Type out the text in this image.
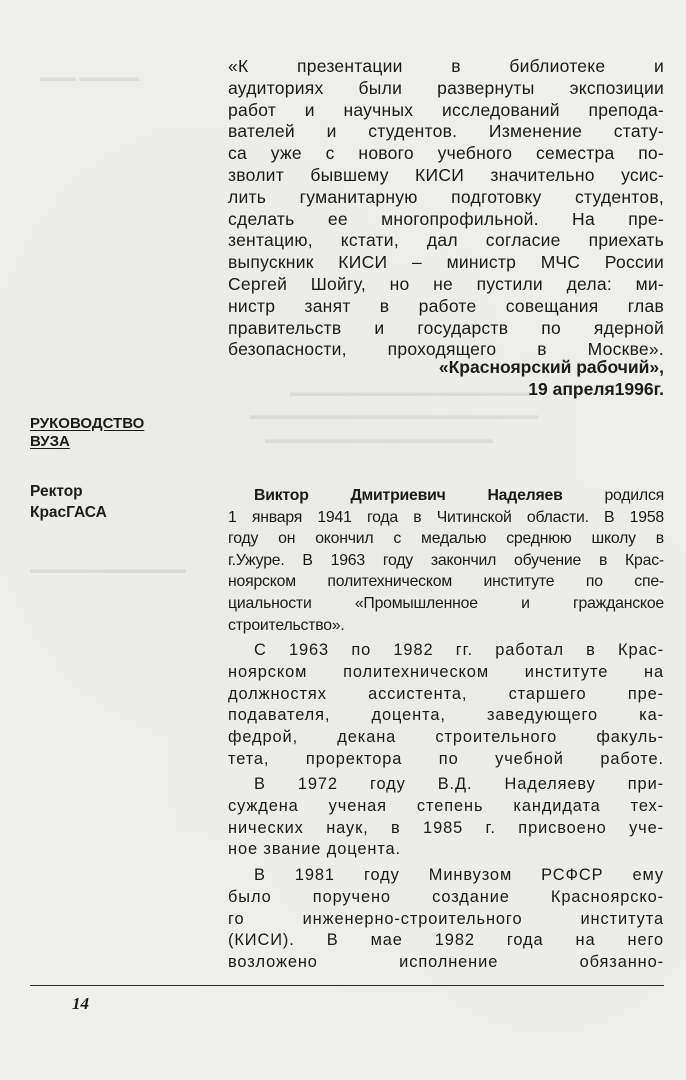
▬▬▬ ▬▬▬▬▬
▬▬▬▬▬▬▬▬▬▬▬▬▬▬▬▬▬▬▬▬
▬▬▬▬▬▬▬▬▬▬▬▬▬▬▬▬▬▬▬▬▬▬▬▬
▬▬▬▬▬▬▬▬▬▬▬▬▬▬▬▬▬▬▬
▬▬▬▬▬▬▬▬▬▬▬▬▬
«К презентации в библиотеке и
аудиториях были развернуты экспозиции
работ и научных исследований препода-
вателей и студентов. Изменение стату-
са уже с нового учебного семестра по-
зволит бывшему КИСИ значительно усиc-
лить гуманитарную подготовку студентов,
сделать ее многопрофильной. На пре-
зентацию, кстати, дал согласие приехать
выпускник КИСИ – министр МЧС России
Сергей Шойгу, но не пустили дела: ми-
нистр занят в работе совещания глав
правительств и государств по ядерной
безопасности, проходящего в Москве».
«Красноярский рабочий»,
19 апреля1996г.
РУКОВОДСТВО
ВУЗА
Ректор
КрасГАСА
Виктор Дмитриевич Наделяев родился
1 января 1941 года в Читинской области. В 1958
году он окончил с медалью среднюю школу в
г.Ужуре. В 1963 году закончил обучение в Крас-
ноярском политехническом институте по спе-
циальности «Промышленное и гражданское
строительство».
С 1963 по 1982 гг. работал в Крас-
ноярском политехническом институте на
должностях ассистента, старшего пре-
подавателя, доцента, заведующего ка-
федрой, декана строительного факуль-
тета, проректора по учебной работе.
В 1972 году В.Д. Наделяеву при-
суждена ученая степень кандидата тех-
нических наук, в 1985 г. присвоено уче-
ное звание доцента.
В 1981 году Минвузом РСФСР ему
было поручено создание Красноярско-
го инженерно-строительного института
(КИСИ). В мае 1982 года на него
возложено исполнение обязанно-
14
